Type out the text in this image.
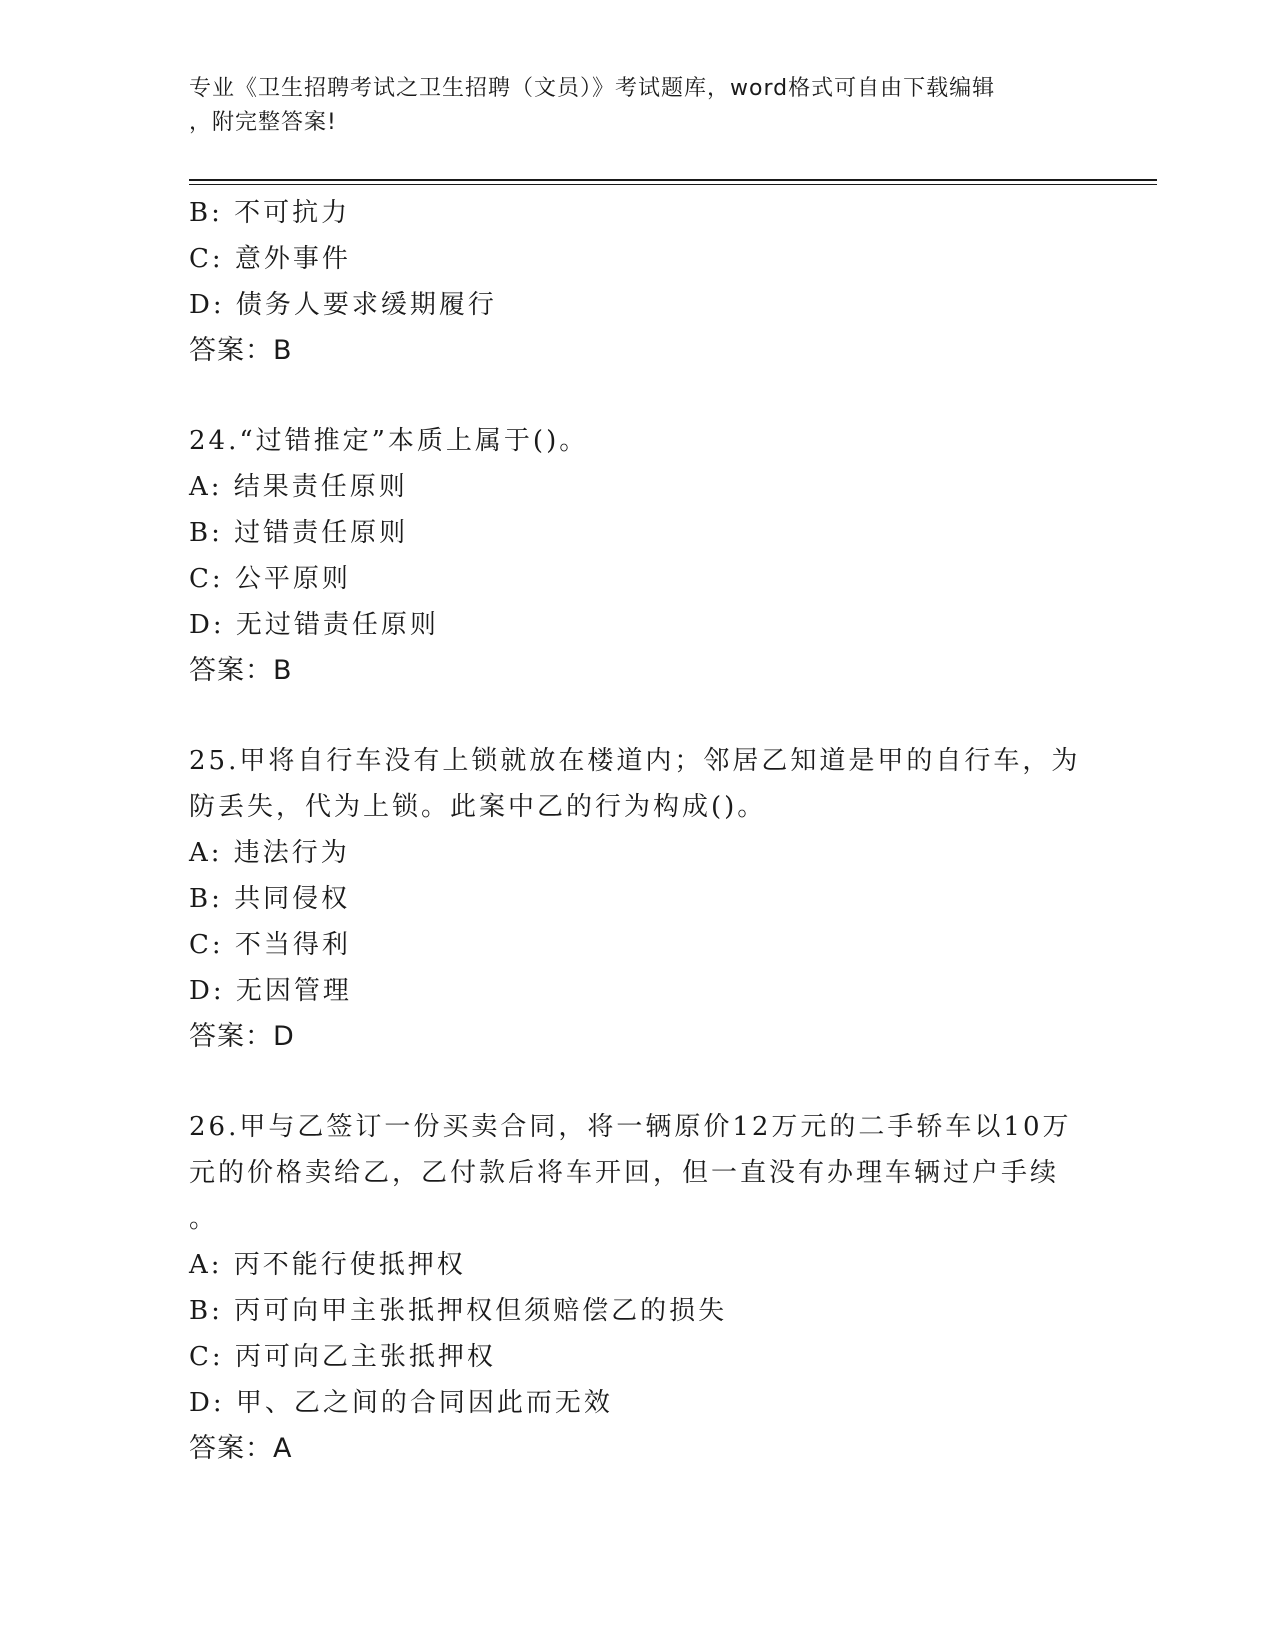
专业《卫生招聘考试之卫生招聘（文员）》考试题库，word格式可自由下载编辑
，附完整答案!
B: 不可抗力
C: 意外事件
D: 债务人要求缓期履行
答案：B
24.“过错推定”本质上属于()。
A: 结果责任原则
B: 过错责任原则
C: 公平原则
D: 无过错责任原则
答案：B
25.甲将自行车没有上锁就放在楼道内；邻居乙知道是甲的自行车，为
防丢失，代为上锁。此案中乙的行为构成()。
A: 违法行为
B: 共同侵权
C: 不当得利
D: 无因管理
答案：D
26.甲与乙签订一份买卖合同，将一辆原价12万元的二手轿车以10万
元的价格卖给乙，乙付款后将车开回，但一直没有办理车辆过户手续
。
A: 丙不能行使抵押权
B: 丙可向甲主张抵押权但须赔偿乙的损失
C: 丙可向乙主张抵押权
D: 甲、乙之间的合同因此而无效
答案：A
